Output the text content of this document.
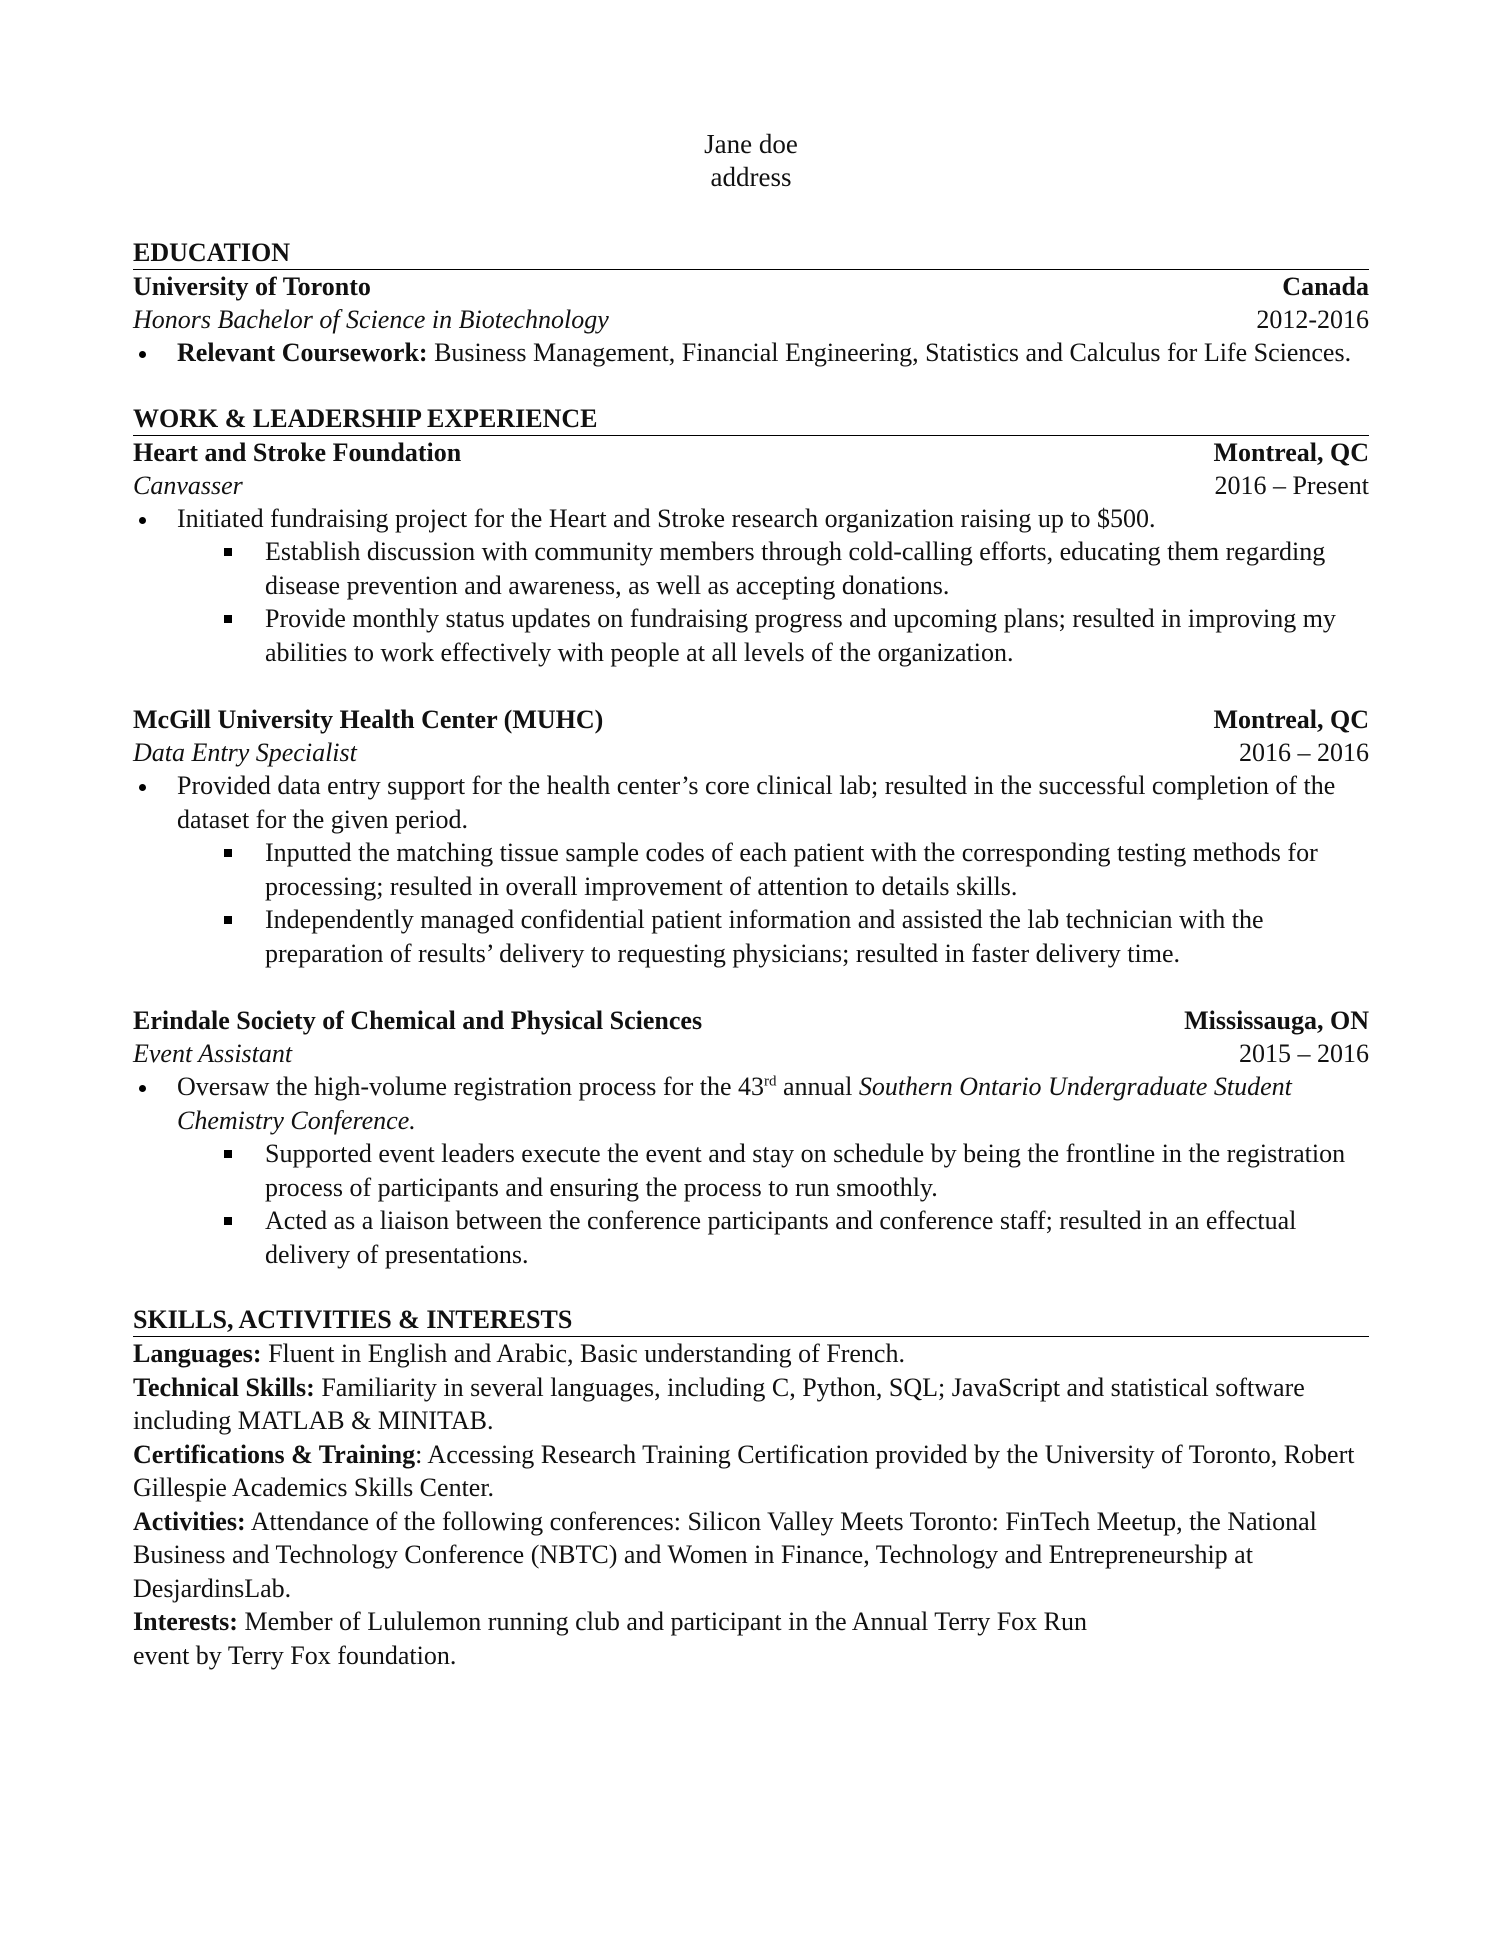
Jane doe
address
EDUCATION
University of Toronto	Canada
Honors Bachelor of Science in Biotechnology	2012-2016
Relevant Coursework: Business Management, Financial Engineering, Statistics and Calculus for Life Sciences.
WORK & LEADERSHIP EXPERIENCE
Heart and Stroke Foundation	Montreal, QC
Canvasser	2016 – Present
Initiated fundraising project for the Heart and Stroke research organization raising up to $500.
Establish discussion with community members through cold-calling efforts, educating them regarding disease prevention and awareness, as well as accepting donations.
Provide monthly status updates on fundraising progress and upcoming plans; resulted in improving my abilities to work effectively with people at all levels of the organization.
McGill University Health Center (MUHC)	Montreal, QC
Data Entry Specialist	2016 – 2016
Provided data entry support for the health center’s core clinical lab; resulted in the successful completion of the dataset for the given period.
Inputted the matching tissue sample codes of each patient with the corresponding testing methods for processing; resulted in overall improvement of attention to details skills.
Independently managed confidential patient information and assisted the lab technician with the preparation of results’ delivery to requesting physicians; resulted in faster delivery time.
Erindale Society of Chemical and Physical Sciences	Mississauga, ON
Event Assistant	2015 – 2016
Oversaw the high-volume registration process for the 43rd annual Southern Ontario Undergraduate Student Chemistry Conference.
Supported event leaders execute the event and stay on schedule by being the frontline in the registration process of participants and ensuring the process to run smoothly.
Acted as a liaison between the conference participants and conference staff; resulted in an effectual delivery of presentations.
SKILLS, ACTIVITIES & INTERESTS

Languages: Fluent in English and Arabic, Basic understanding of French.

Technical Skills: Familiarity in several languages, including C, Python, SQL; JavaScript and statistical software including MATLAB & MINITAB.

Certifications & Training: Accessing Research Training Certification provided by the University of Toronto, Robert Gillespie Academics Skills Center.

Activities: Attendance of the following conferences: Silicon Valley Meets Toronto: FinTech Meetup, the National Business and Technology Conference (NBTC) and Women in Finance, Technology and Entrepreneurship at DesjardinsLab.

Interests: Member of Lululemon running club and participant in the Annual Terry Fox Run
event by Terry Fox foundation.
